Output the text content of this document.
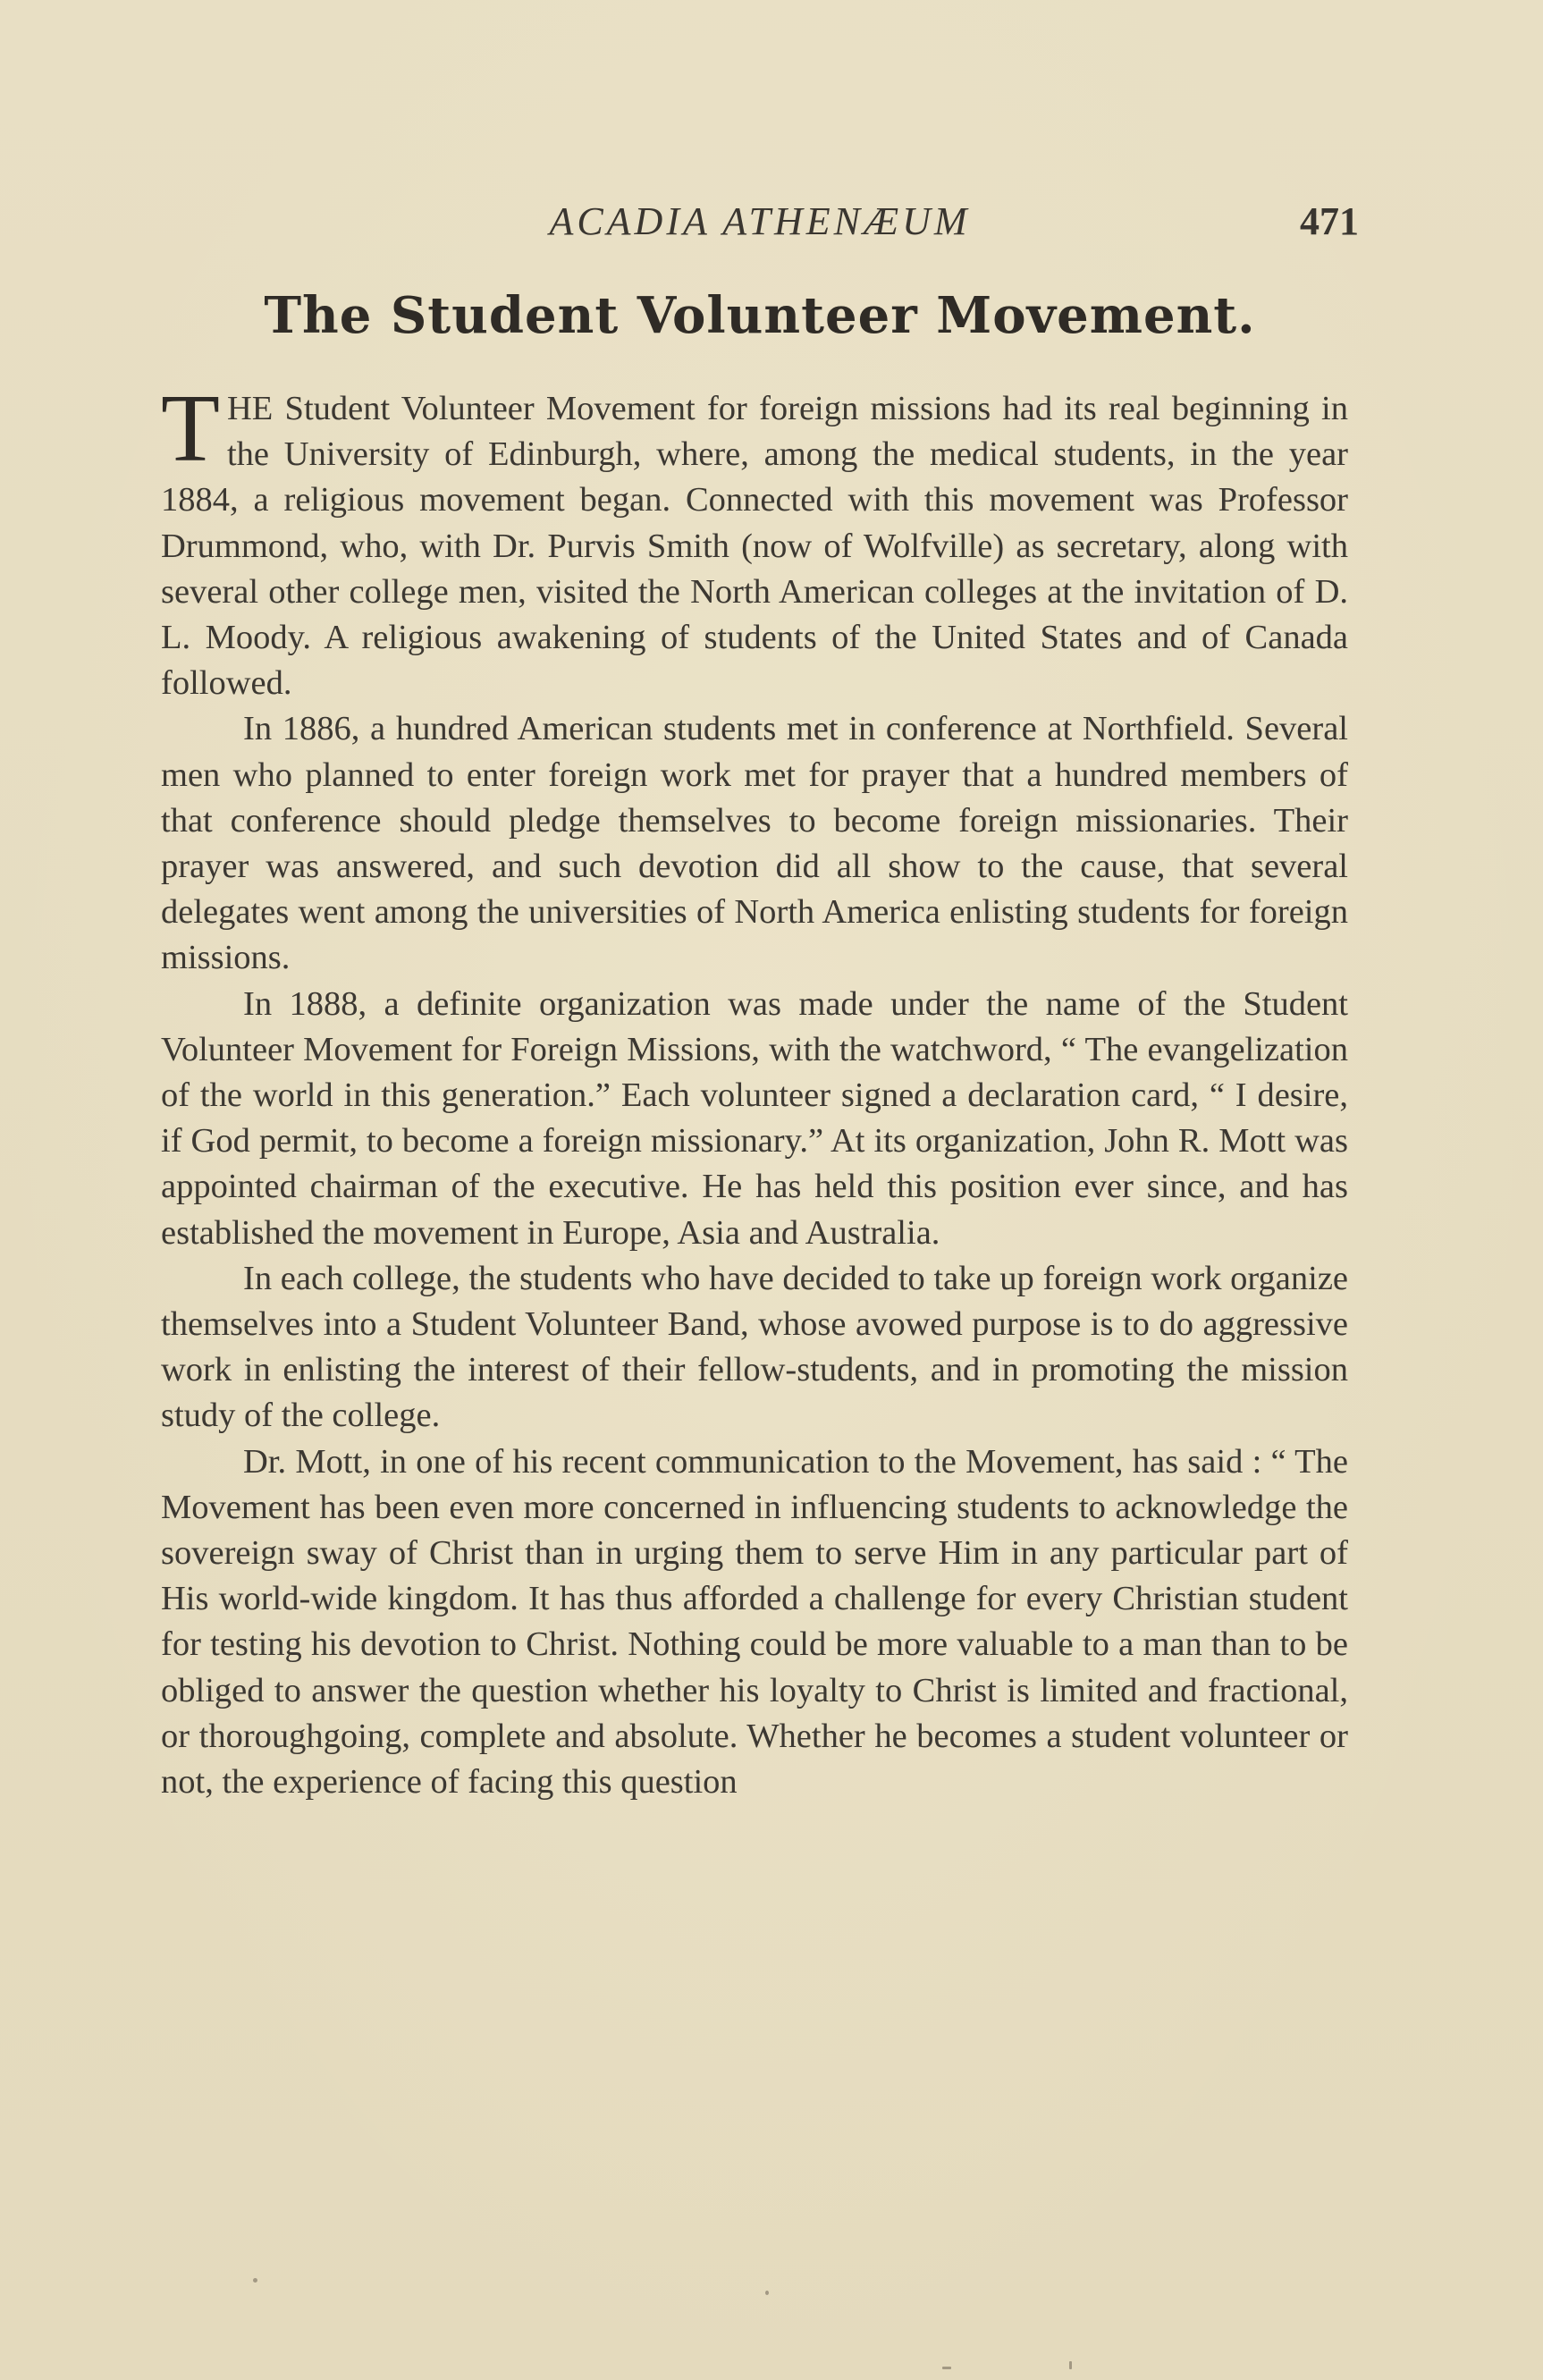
ACADIA ATHENÆUM	471
The Student Volunteer Movement.

THE Student Volunteer Movement for foreign missions had its real beginning in the University of Edinburgh, where, among the medical students, in the year 1884, a religious movement began. Connected with this movement was Professor Drummond, who, with Dr. Purvis Smith (now of Wolfville) as secretary, along with several other college men, visited the North American colleges at the invitation of D. L. Moody. A religious awakening of students of the United States and of Canada followed.

In 1886, a hundred American students met in conference at Northfield. Several men who planned to enter foreign work met for prayer that a hundred members of that conference should pledge themselves to become foreign missionaries. Their prayer was answered, and such devotion did all show to the cause, that several delegates went among the universities of North America enlisting students for foreign missions.

In 1888, a definite organization was made under the name of the Student Volunteer Movement for Foreign Missions, with the watchword, “ The evangelization of the world in this generation.” Each volunteer signed a declaration card, “ I desire, if God permit, to become a foreign missionary.” At its organization, John R. Mott was appointed chairman of the executive. He has held this position ever since, and has established the movement in Europe, Asia and Australia.

In each college, the students who have decided to take up foreign work organize themselves into a Student Volunteer Band, whose avowed purpose is to do aggressive work in enlisting the interest of their fellow-students, and in promoting the mission study of the college.

Dr. Mott, in one of his recent communication to the Movement, has said : “ The Movement has been even more concerned in influencing students to acknowledge the sovereign sway of Christ than in urging them to serve Him in any particular part of His world-wide kingdom. It has thus afforded a challenge for every Christian student for testing his devotion to Christ. Nothing could be more valuable to a man than to be obliged to answer the question whether his loyalty to Christ is limited and fractional, or thoroughgoing, complete and absolute. Whether he becomes a student volunteer or not, the experience of facing this question
